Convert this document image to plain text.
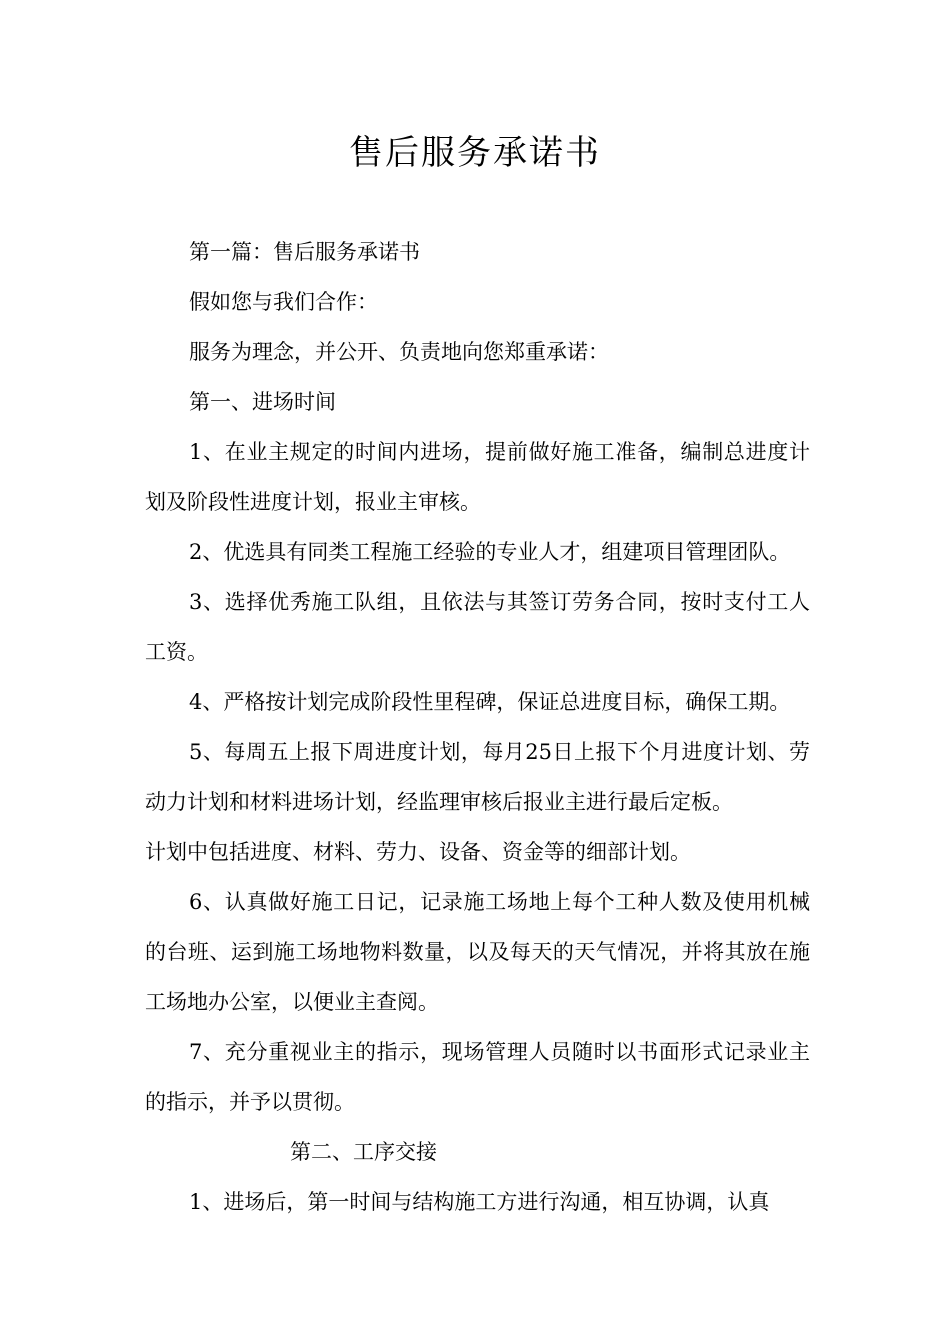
售后服务承诺书

第一篇：售后服务承诺书

假如您与我们合作：

服务为理念，并公开、负责地向您郑重承诺：

第一、进场时间

1、在业主规定的时间内进场，提前做好施工准备，编制总进度计划及阶段性进度计划，报业主审核。

2、优选具有同类工程施工经验的专业人才，组建项目管理团队。

3、选择优秀施工队组，且依法与其签订劳务合同，按时支付工人工资。

4、严格按计划完成阶段性里程碑，保证总进度目标，确保工期。

5、每周五上报下周进度计划，每月25日上报下个月进度计划、劳动力计划和材料进场计划，经监理审核后报业主进行最后定板。

计划中包括进度、材料、劳力、设备、资金等的细部计划。

6、认真做好施工日记，记录施工场地上每个工种人数及使用机械的台班、运到施工场地物料数量，以及每天的天气情况，并将其放在施工场地办公室，以便业主查阅。

7、充分重视业主的指示，现场管理人员随时以书面形式记录业主的指示，并予以贯彻。

第二、工序交接

1、进场后，第一时间与结构施工方进行沟通，相互协调，认真
